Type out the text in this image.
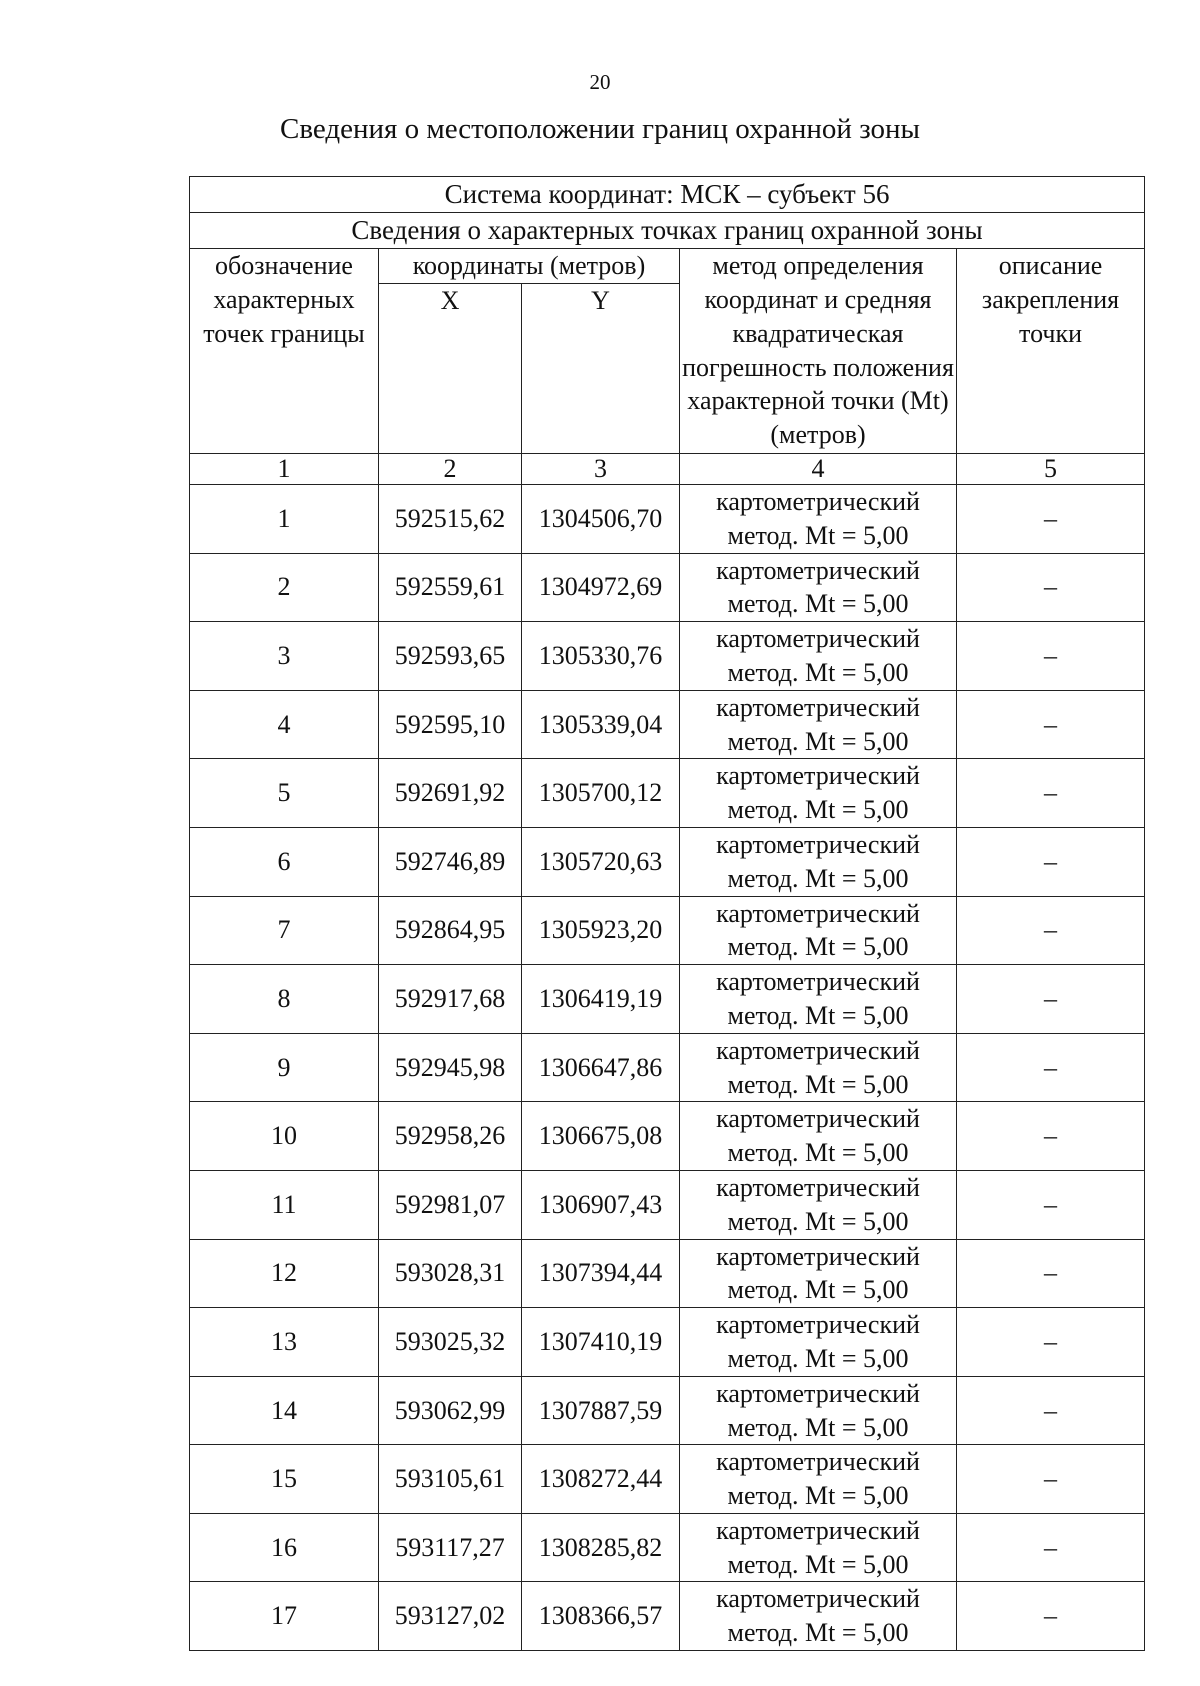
20
Сведения о местоположении границ охранной зоны
Система координат: МСК – субъект 56				
Сведения о характерных точках границ охранной зоны				
обозначение характерных точек границы	координаты (метров)		метод определения координат и средняя квадратическая погрешность положения характерной точки (Mt) (метров)	описание закрепления точки
	X	Y		

1	2	3	4	5
1	592515,62	1304506,70	картометрический
метод. Mt = 5,00	–
2	592559,61	1304972,69	картометрический
метод. Mt = 5,00	–
3	592593,65	1305330,76	картометрический
метод. Mt = 5,00	–
4	592595,10	1305339,04	картометрический
метод. Mt = 5,00	–
5	592691,92	1305700,12	картометрический
метод. Mt = 5,00	–
6	592746,89	1305720,63	картометрический
метод. Mt = 5,00	–
7	592864,95	1305923,20	картометрический
метод. Mt = 5,00	–
8	592917,68	1306419,19	картометрический
метод. Mt = 5,00	–
9	592945,98	1306647,86	картометрический
метод. Mt = 5,00	–
10	592958,26	1306675,08	картометрический
метод. Mt = 5,00	–
11	592981,07	1306907,43	картометрический
метод. Mt = 5,00	–
12	593028,31	1307394,44	картометрический
метод. Mt = 5,00	–
13	593025,32	1307410,19	картометрический
метод. Mt = 5,00	–
14	593062,99	1307887,59	картометрический
метод. Mt = 5,00	–
15	593105,61	1308272,44	картометрический
метод. Mt = 5,00	–
16	593117,27	1308285,82	картометрический
метод. Mt = 5,00	–
17	593127,02	1308366,57	картометрический
метод. Mt = 5,00	–
